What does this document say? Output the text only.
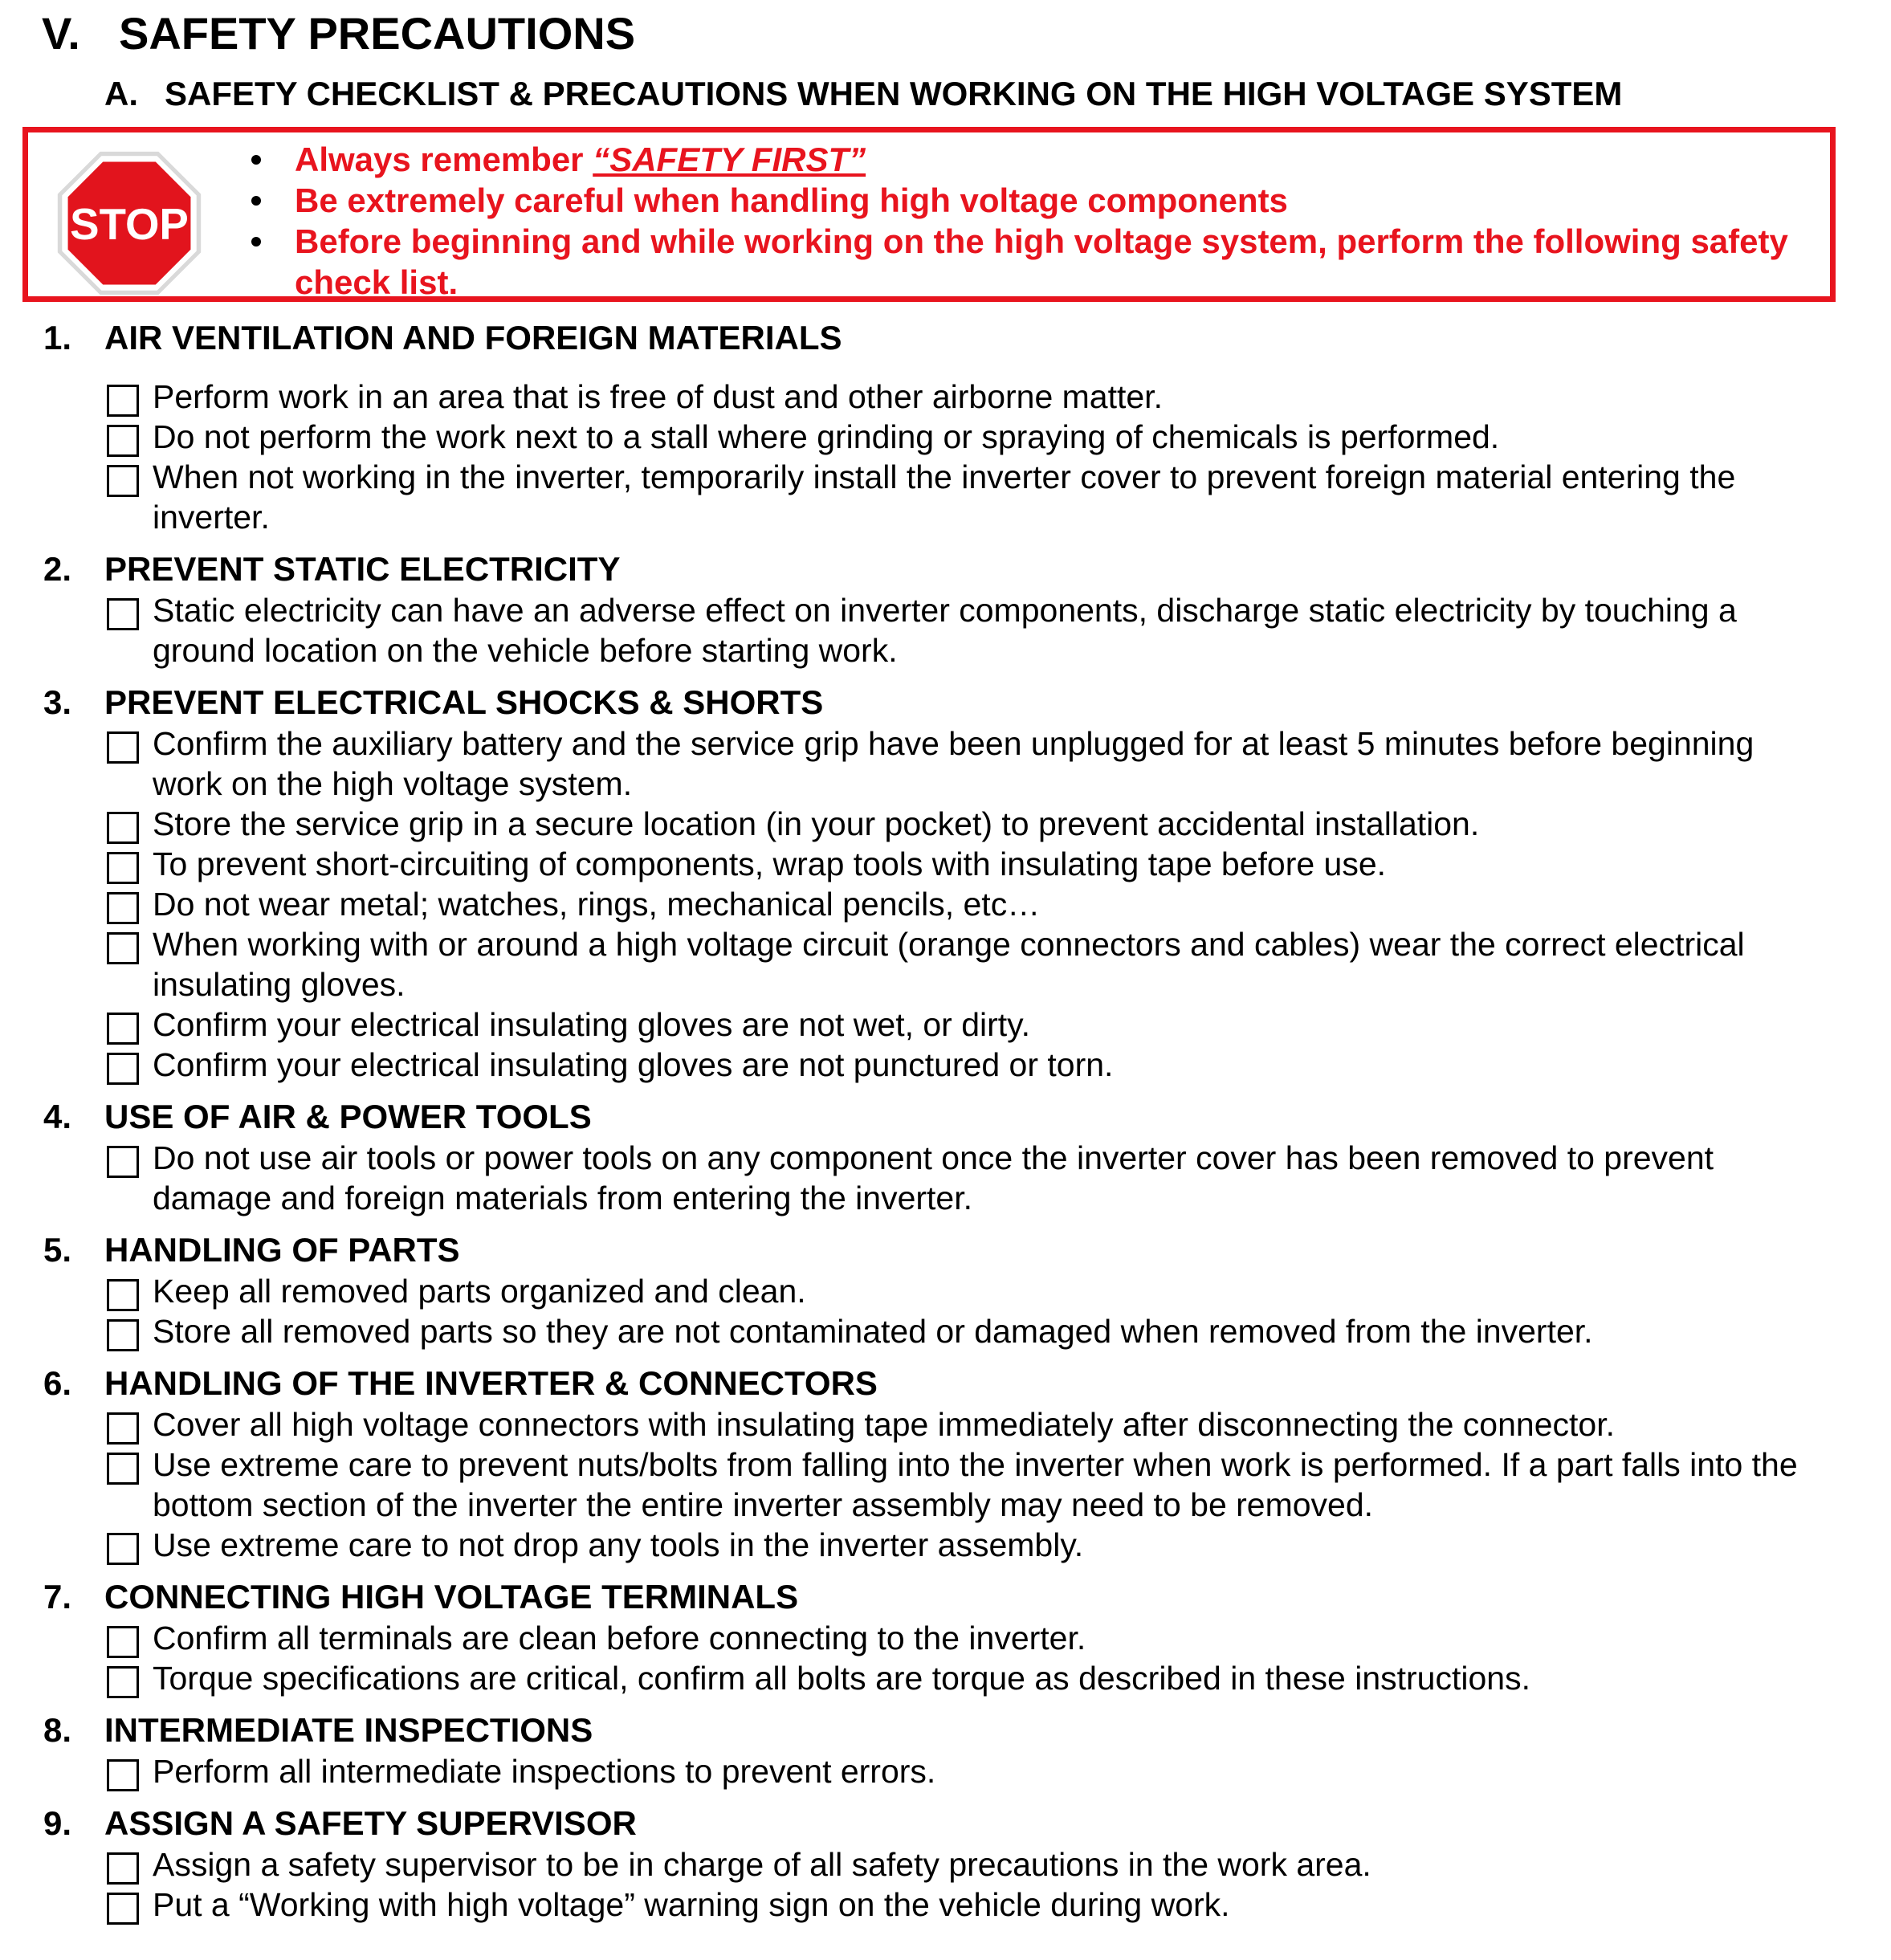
V. SAFETY PRECAUTIONS
A. SAFETY CHECKLIST & PRECAUTIONS WHEN WORKING ON THE HIGH VOLTAGE SYSTEM
STOP
Always remember “SAFETY FIRST”
Be extremely careful when handling high voltage components
Before beginning and while working on the high voltage system, perform the following safety check list.
1. AIR VENTILATION AND FOREIGN MATERIALS
Perform work in an area that is free of dust and other airborne matter.
Do not perform the work next to a stall where grinding or spraying of chemicals is performed.
When not working in the inverter, temporarily install the inverter cover to prevent foreign material entering the inverter.
2. PREVENT STATIC ELECTRICITY
Static electricity can have an adverse effect on inverter components, discharge static electricity by touching a ground location on the vehicle before starting work.
3. PREVENT ELECTRICAL SHOCKS & SHORTS
Confirm the auxiliary battery and the service grip have been unplugged for at least 5 minutes before beginning work on the high voltage system.
Store the service grip in a secure location (in your pocket) to prevent accidental installation.
To prevent short-circuiting of components, wrap tools with insulating tape before use.
Do not wear metal; watches, rings, mechanical pencils, etc…
When working with or around a high voltage circuit (orange connectors and cables) wear the correct electrical insulating gloves.
Confirm your electrical insulating gloves are not wet, or dirty.
Confirm your electrical insulating gloves are not punctured or torn.
4. USE OF AIR & POWER TOOLS
Do not use air tools or power tools on any component once the inverter cover has been removed to prevent damage and foreign materials from entering the inverter.
5. HANDLING OF PARTS
Keep all removed parts organized and clean.
Store all removed parts so they are not contaminated or damaged when removed from the inverter.
6. HANDLING OF THE INVERTER & CONNECTORS
Cover all high voltage connectors with insulating tape immediately after disconnecting the connector.
Use extreme care to prevent nuts/bolts from falling into the inverter when work is performed. If a part falls into the bottom section of the inverter the entire inverter assembly may need to be removed.
Use extreme care to not drop any tools in the inverter assembly.
7. CONNECTING HIGH VOLTAGE TERMINALS
Confirm all terminals are clean before connecting to the inverter.
Torque specifications are critical, confirm all bolts are torque as described in these instructions.
8. INTERMEDIATE INSPECTIONS
Perform all intermediate inspections to prevent errors.
9. ASSIGN A SAFETY SUPERVISOR
Assign a safety supervisor to be in charge of all safety precautions in the work area.
Put a “Working with high voltage” warning sign on the vehicle during work.
